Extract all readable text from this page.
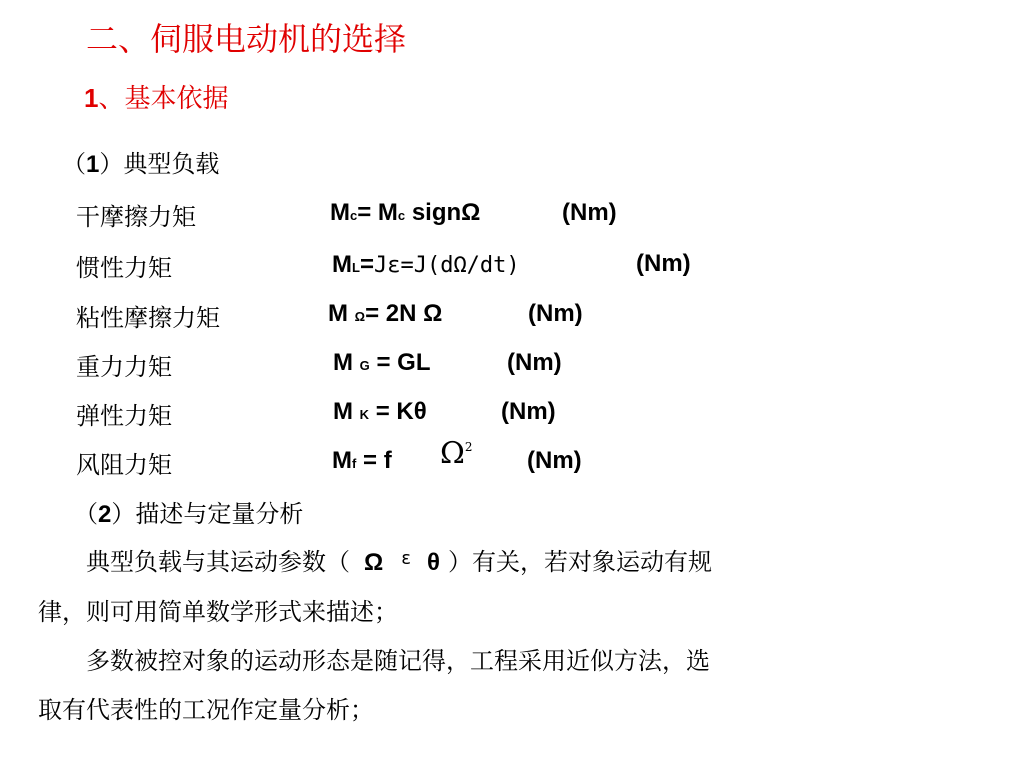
二、伺服电动机的选择
1、基本依据
（1）典型负载
干摩擦力矩	Mc= Mc signΩ	(Nm)
惯性力矩	ML=Jε=J(dΩ/dt)	(Nm)
粘性摩擦力矩	M Ω= 2N Ω	(Nm)
重力力矩	M G = GL	(Nm)
弹性力矩	M K = Kθ	(Nm)
风阻力矩	Mf = f $\Omega^2$ (Nm)
（2）描述与定量分析
典型负载与其运动参数（ Ω $^\varepsilon$ θ ）有关，若对象运动有规
律，则可用简单数学形式来描述；
多数被控对象的运动形态是随记得，工程采用近似方法，选
取有代表性的工况作定量分析；
